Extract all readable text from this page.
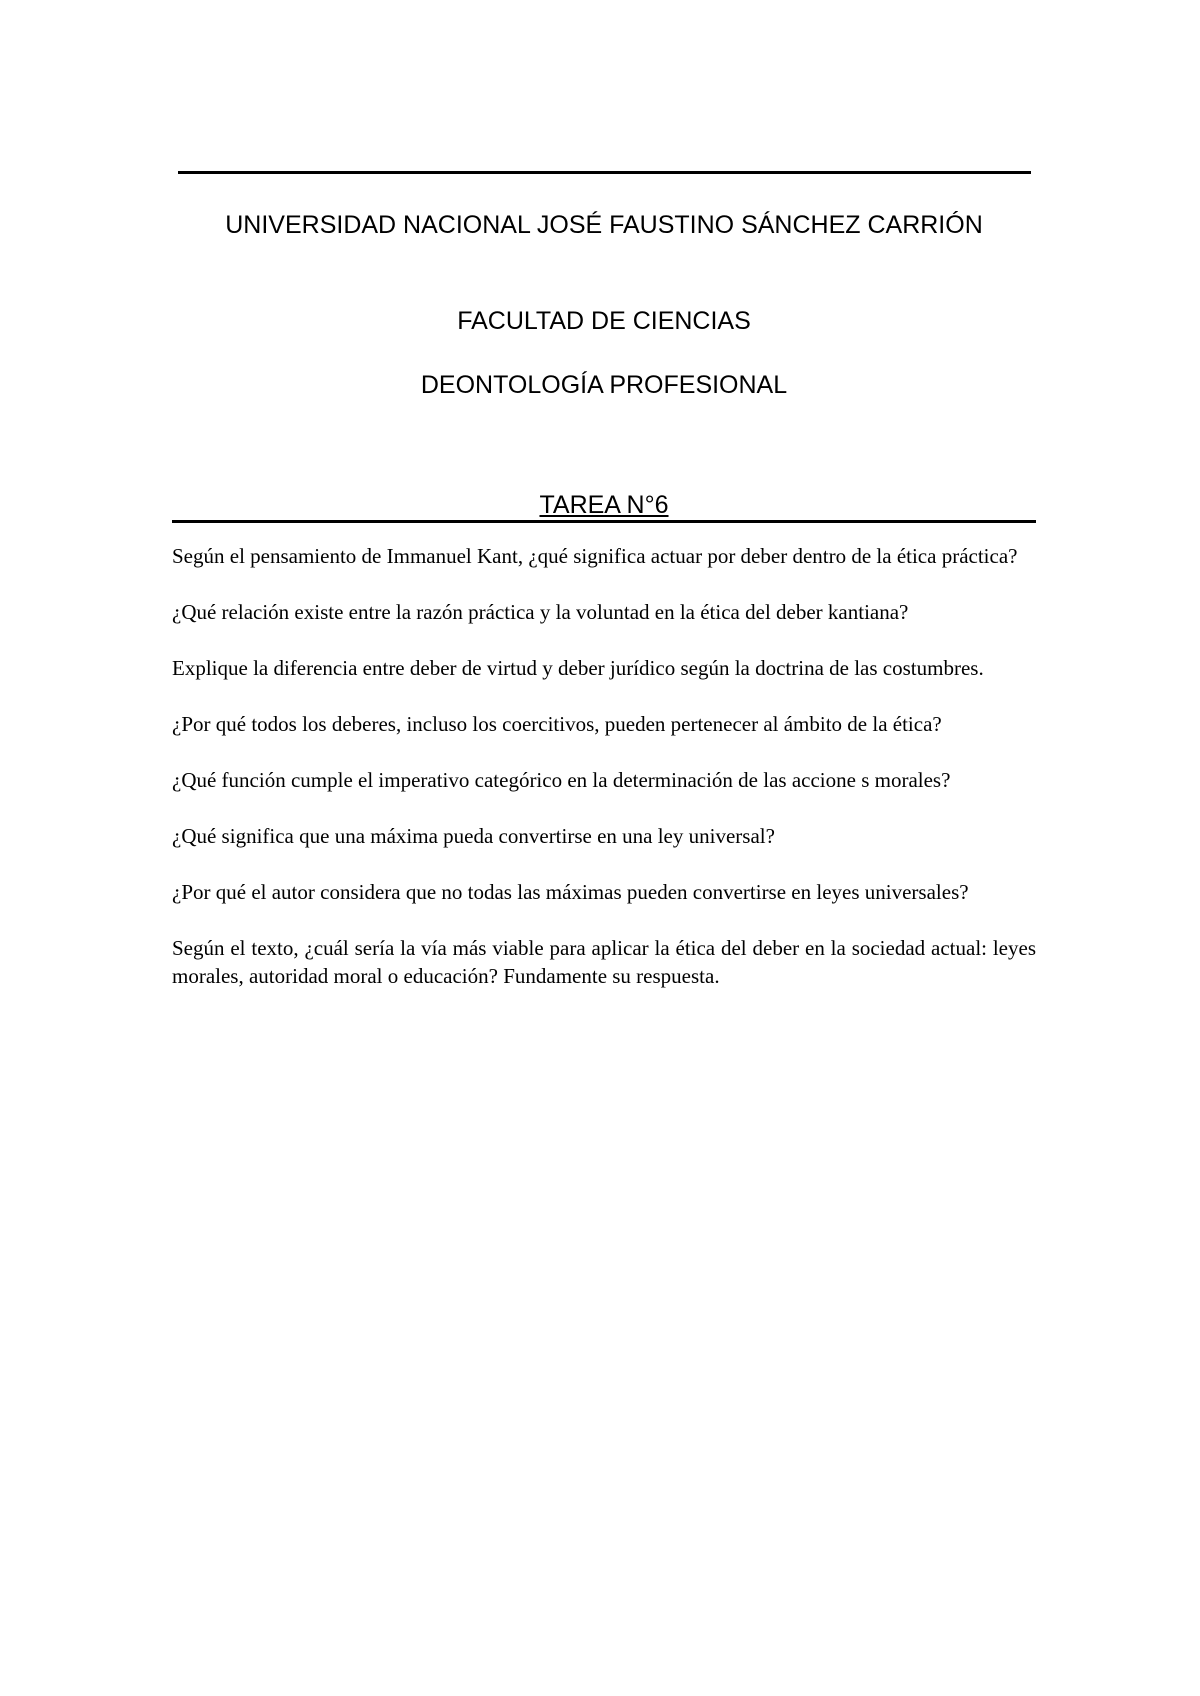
UNIVERSIDAD NACIONAL JOSÉ FAUSTINO SÁNCHEZ CARRIÓN
FACULTAD DE CIENCIAS
DEONTOLOGÍA PROFESIONAL
TAREA N°6
Según el pensamiento de Immanuel Kant, ¿qué significa actuar por deber dentro de la ética práctica?
¿Qué relación existe entre la razón práctica y la voluntad en la ética del deber kantiana?
Explique la diferencia entre deber de virtud y deber jurídico según la doctrina de las costumbres.
¿Por qué todos los deberes, incluso los coercitivos, pueden pertenecer al ámbito de la ética?
¿Qué función cumple el imperativo categórico en la determinación de las accione s morales?
¿Qué significa que una máxima pueda convertirse en una ley universal?
¿Por qué el autor considera que no todas las máximas pueden convertirse en leyes universales?
Según el texto, ¿cuál sería la vía más viable para aplicar la ética del deber en la sociedad actual: leyes morales, autoridad moral o educación? Fundamente su respuesta.
